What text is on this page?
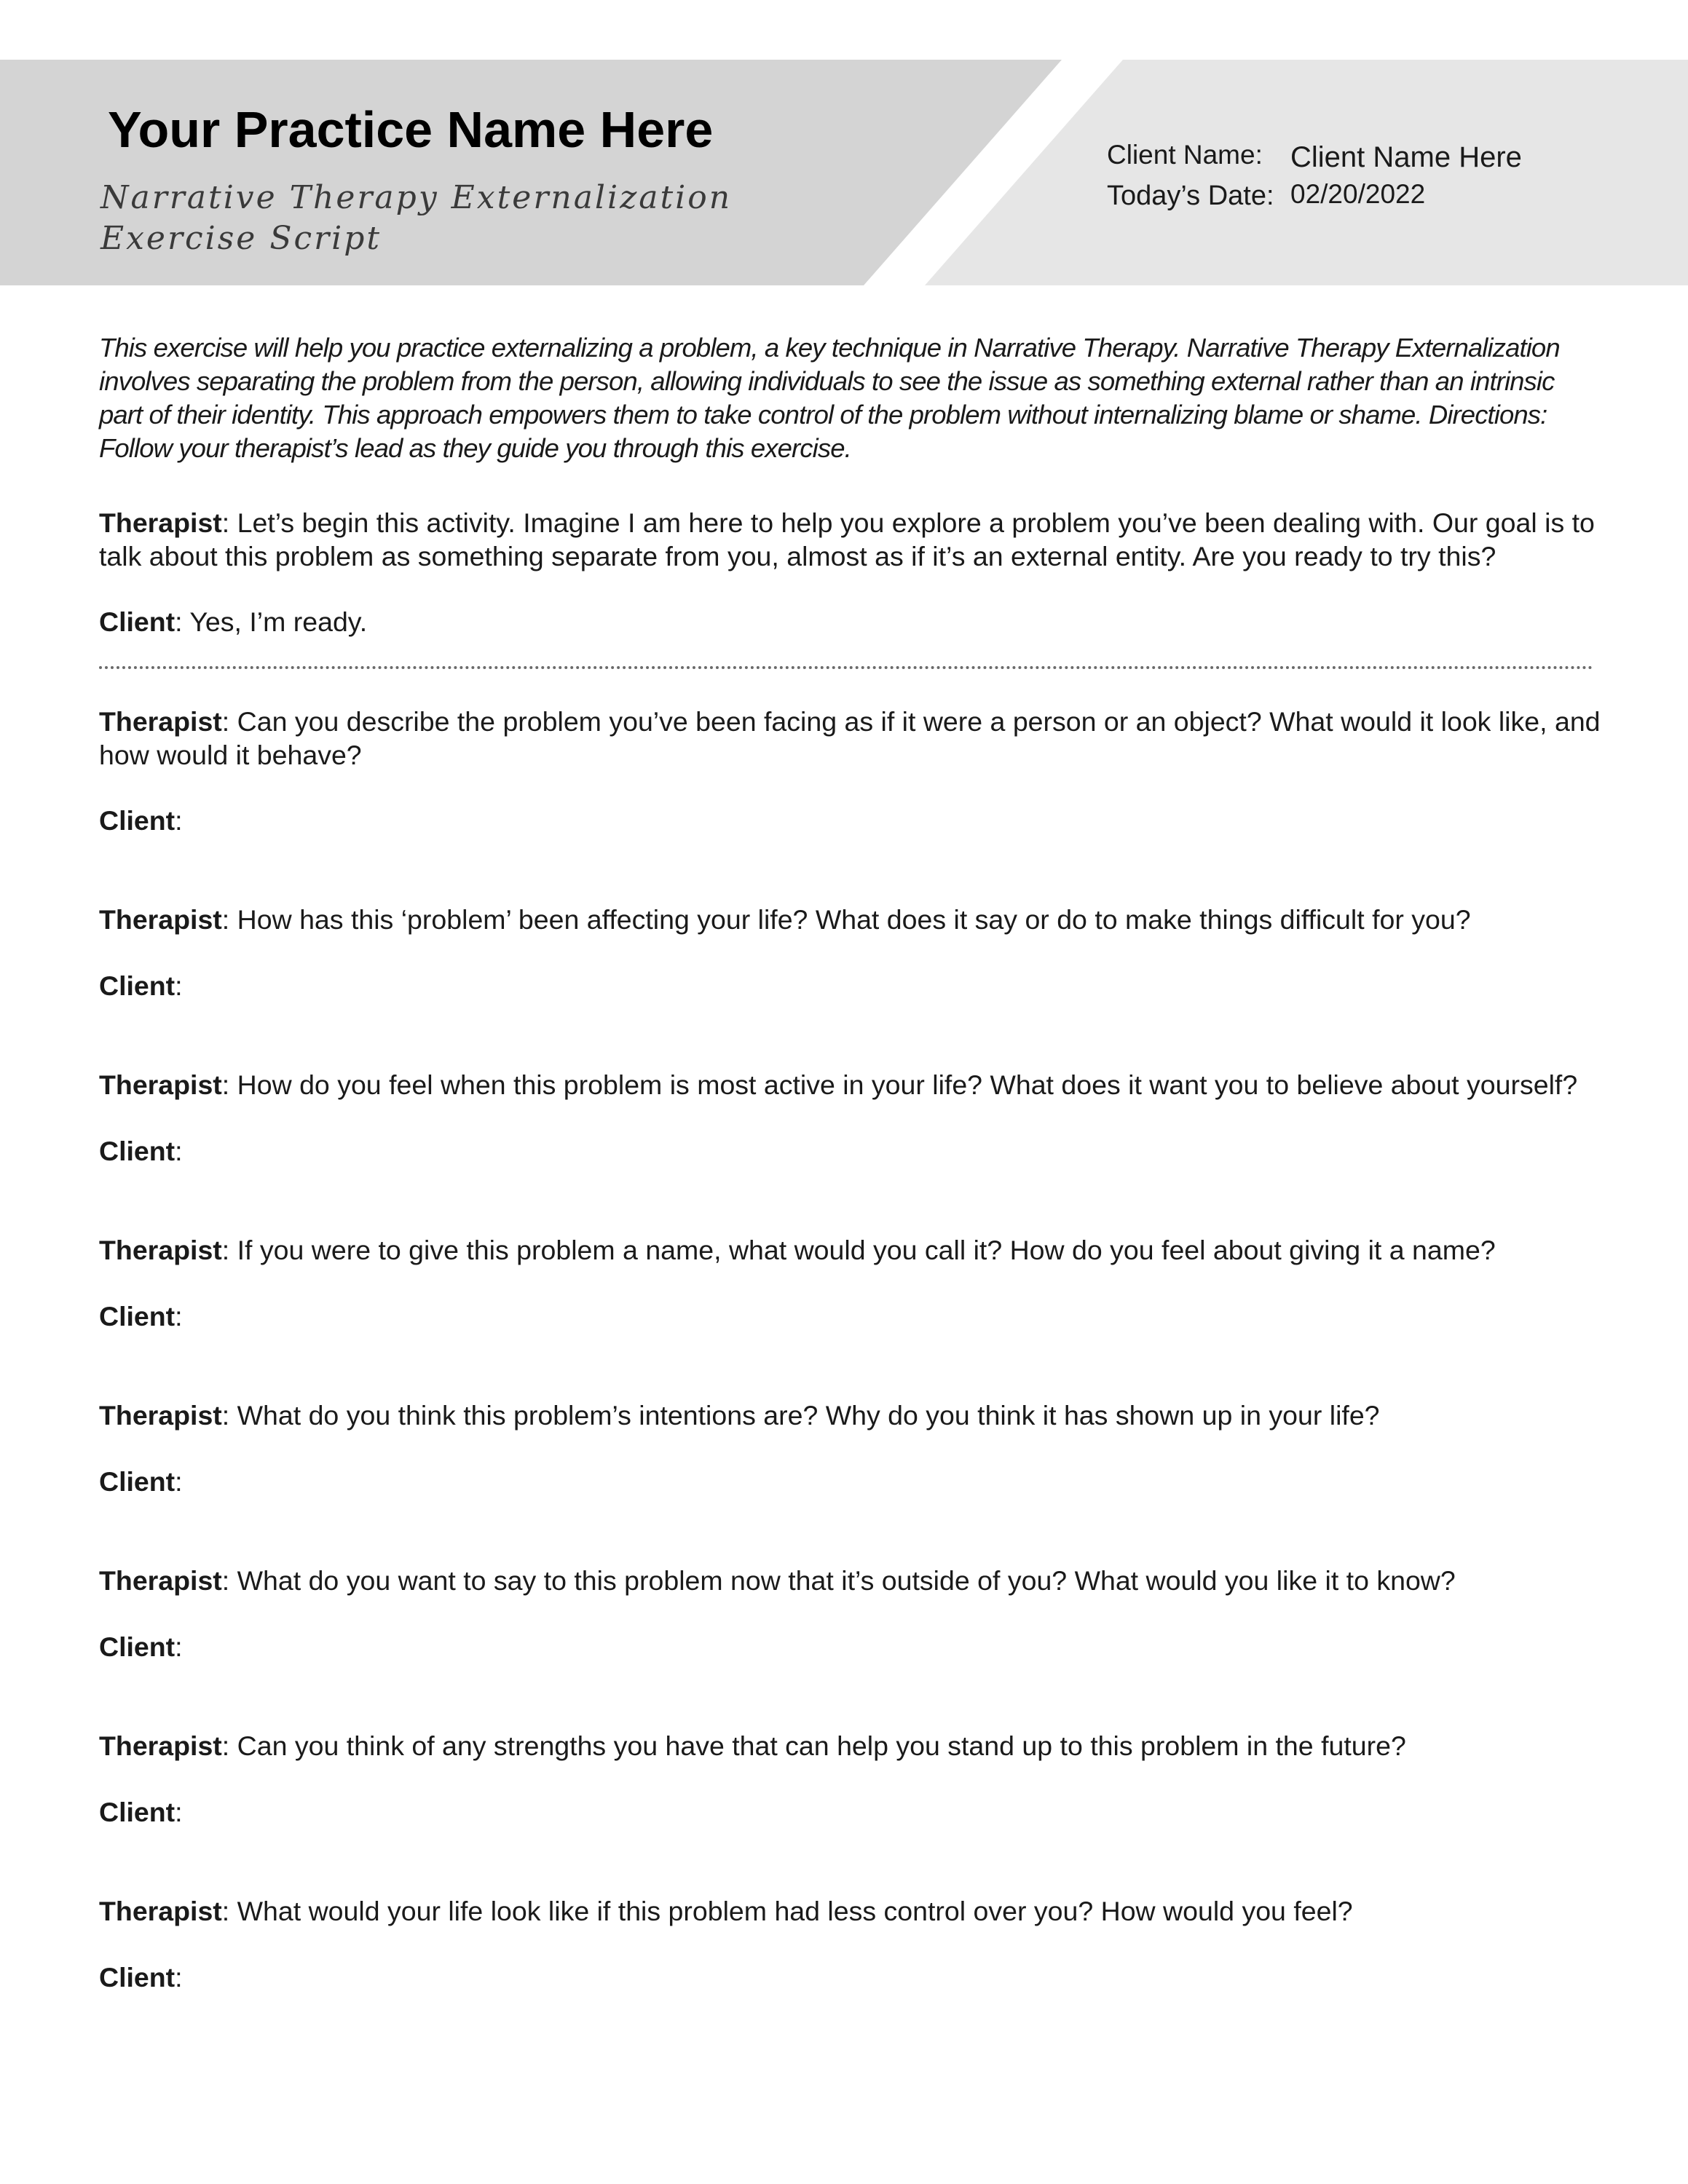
Your Practice Name Here
Narrative Therapy Externalization Exercise Script
Client Name: Client Name Here
Today’s Date: 02/20/2022

This exercise will help you practice externalizing a problem, a key technique in Narrative Therapy. Narrative Therapy Externalization involves separating the problem from the person, allowing individuals to see the issue as something external rather than an intrinsic part of their identity. This approach empowers them to take control of the problem without internalizing blame or shame. Directions: Follow your therapist’s lead as they guide you through this exercise.

Therapist: Let’s begin this activity. Imagine I am here to help you explore a problem you’ve been dealing with. Our goal is to talk about this problem as something separate from you, almost as if it’s an external entity. Are you ready to try this?

Client: Yes, I’m ready.

Therapist: Can you describe the problem you’ve been facing as if it were a person or an object? What would it look like, and how would it behave?

Client:

Therapist: How has this ‘problem’ been affecting your life? What does it say or do to make things difficult for you?

Client:

Therapist: How do you feel when this problem is most active in your life? What does it want you to believe about yourself?

Client:

Therapist: If you were to give this problem a name, what would you call it? How do you feel about giving it a name?

Client:

Therapist: What do you think this problem’s intentions are? Why do you think it has shown up in your life?

Client:

Therapist: What do you want to say to this problem now that it’s outside of you? What would you like it to know?

Client:

Therapist: Can you think of any strengths you have that can help you stand up to this problem in the future?

Client:

Therapist: What would your life look like if this problem had less control over you? How would you feel?

Client:
